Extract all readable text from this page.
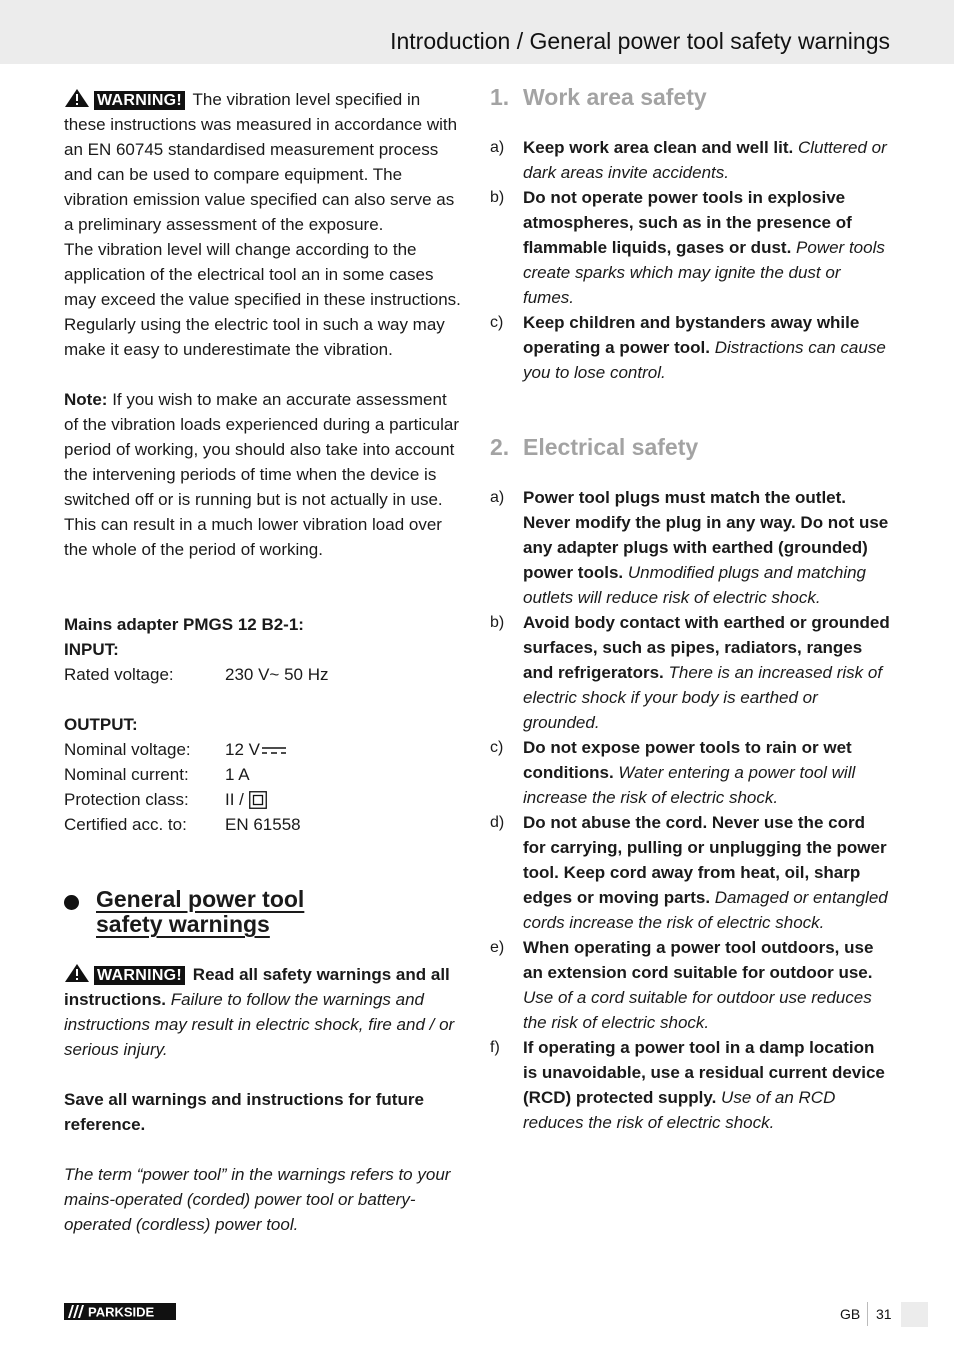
Introduction / General power tool safety warnings

WARNING! The vibration level specified in these instructions was measured in accordance with an EN 60745 standardised measurement process and can be used to compare equipment. The vibration emission value specified can also serve as a preliminary assessment of the exposure.

The vibration level will change according to the application of the electrical tool an in some cases may exceed the value specified in these instructions. Regularly using the electric tool in such a way may make it easy to underestimate the vibration.

Note: If you wish to make an accurate assessment of the vibration loads experienced during a particular period of working, you should also take into account the intervening periods of time when the device is switched off or is running but is not actually in use. This can result in a much lower vibration load over the whole of the period of working.

Mains adapter PMGS 12 B2-1:
INPUT:
Rated voltage:	230 V~ 50 Hz
OUTPUT:
Nominal voltage:	12 V
Nominal current:	1 A
Protection class:	II /
Certified acc. to:	EN 61558
General power tool
safety warnings

WARNING! Read all safety warnings and all instructions. Failure to follow the warnings and instructions may result in electric shock, fire and / or serious injury.

Save all warnings and instructions for future reference.

The term “power tool” in the warnings refers to your mains-operated (corded) power tool or battery-operated (cordless) power tool.

1. Work area safety
a)	Keep work area clean and well lit. Cluttered or dark areas invite accidents.
b)	Do not operate power tools in explosive atmospheres, such as in the presence of flammable liquids, gases or dust. Power tools create sparks which may ignite the dust or fumes.
c)	Keep children and bystanders away while operating a power tool. Distractions can cause you to lose control.
2. Electrical safety
a)	Power tool plugs must match the outlet. Never modify the plug in any way. Do not use any adapter plugs with earthed (grounded) power tools. Unmodified plugs and matching outlets will reduce risk of electric shock.
b)	Avoid body contact with earthed or grounded surfaces, such as pipes, radiators, ranges and refrigerators. There is an increased risk of electric shock if your body is earthed or grounded.
c)	Do not expose power tools to rain or wet conditions. Water entering a power tool will increase the risk of electric shock.
d)	Do not abuse the cord. Never use the cord for carrying, pulling or unplugging the power tool. Keep cord away from heat, oil, sharp edges or moving parts. Damaged or entangled cords increase the risk of electric shock.
e)	When operating a power tool outdoors, use an extension cord suitable for outdoor use. Use of a cord suitable for outdoor use reduces the risk of electric shock.
f)	If operating a power tool in a damp location is unavoidable, use a residual current device (RCD) protected supply. Use of an RCD reduces the risk of electric shock.
PARKSIDE	GB 31
